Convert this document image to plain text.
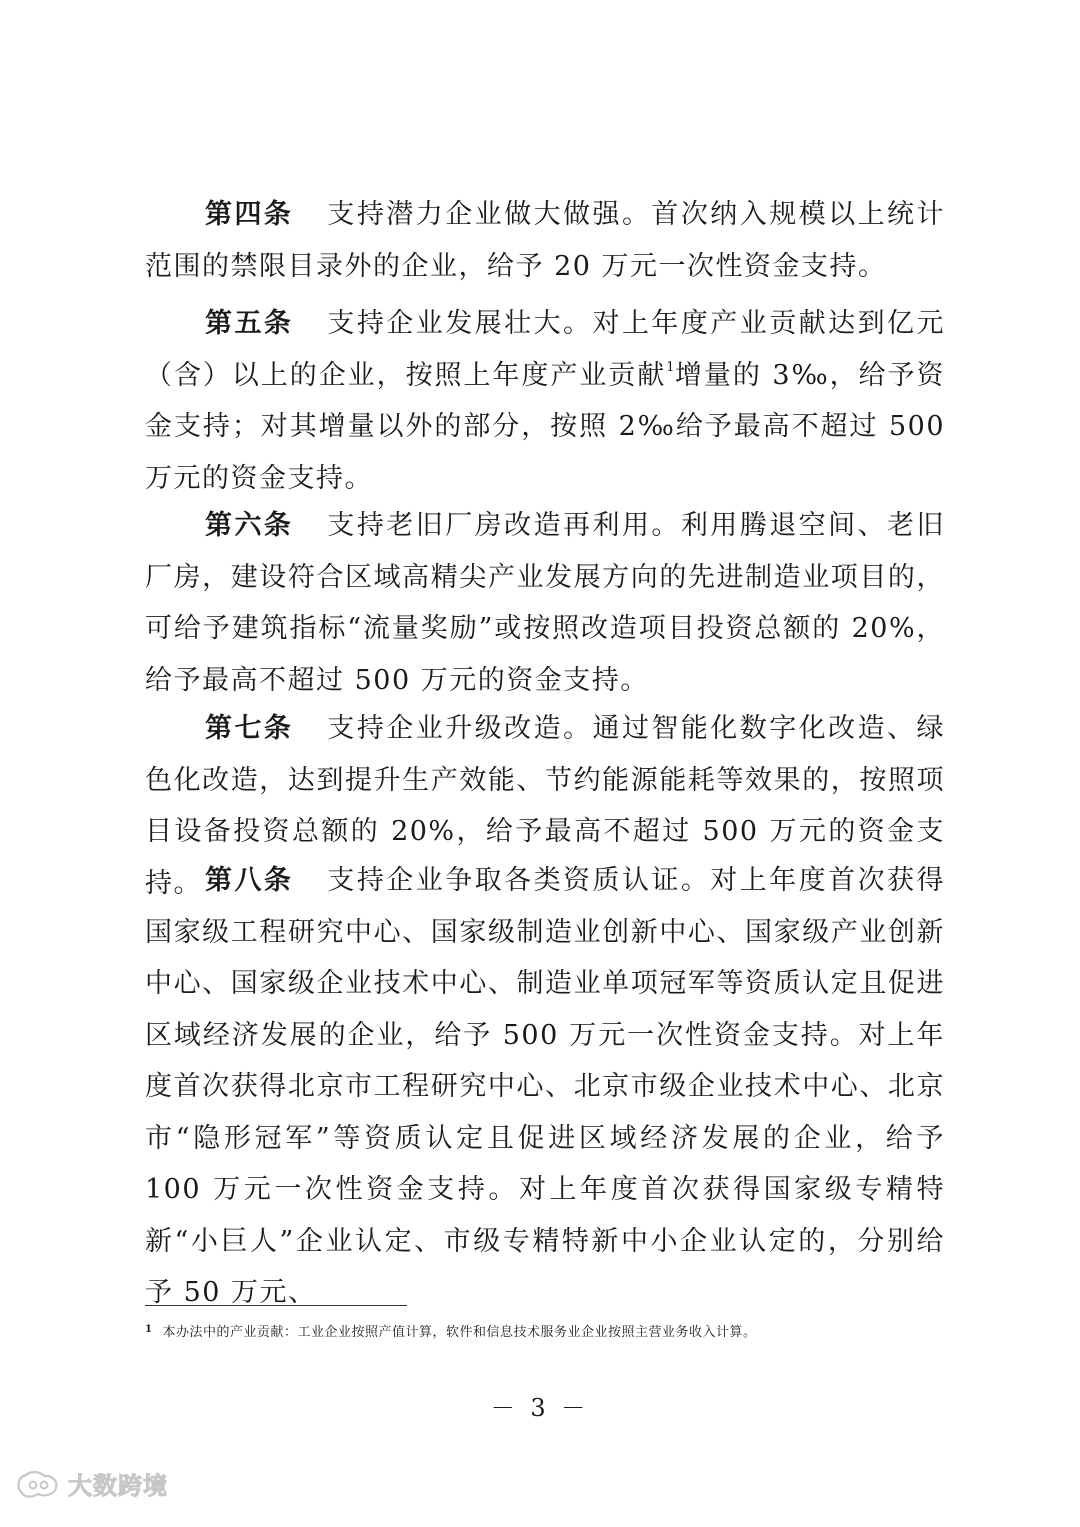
第四条 支持潜力企业做大做强。首次纳入规模以上统计范围的禁限目录外的企业，给予 20 万元一次性资金支持。

第五条 支持企业发展壮大。对上年度产业贡献达到亿元（含）以上的企业，按照上年度产业贡献$^1$增量的 3‰，给予资金支持；对其增量以外的部分，按照 2‰给予最高不超过 500 万元的资金支持。

第六条 支持老旧厂房改造再利用。利用腾退空间、老旧厂房，建设符合区域高精尖产业发展方向的先进制造业项目的，可给予建筑指标“流量奖励”或按照改造项目投资总额的 20%，给予最高不超过 500 万元的资金支持。

第七条 支持企业升级改造。通过智能化数字化改造、绿色化改造，达到提升生产效能、节约能源能耗等效果的，按照项目设备投资总额的 20%，给予最高不超过 500 万元的资金支持。 第八条 支持企业争取各类资质认证。对上年度首次获得国家级工程研究中心、国家级制造业创新中心、国家级产业创新中心、国家级企业技术中心、制造业单项冠军等资质认定且促进区域经济发展的企业，给予 500 万元一次性资金支持。对上年度首次获得北京市工程研究中心、北京市级企业技术中心、北京市“隐形冠军”等资质认定且促进区域经济发展的企业，给予 100 万元一次性资金支持。对上年度首次获得国家级专精特新“小巨人”企业认定、市级专精特新中小企业认定的，分别给予 50 万元、

$^1$ 本办法中的产业贡献：工业企业按照产值计算，软件和信息技术服务业企业按照主营业务收入计算。

－ 3 －
大数跨境
